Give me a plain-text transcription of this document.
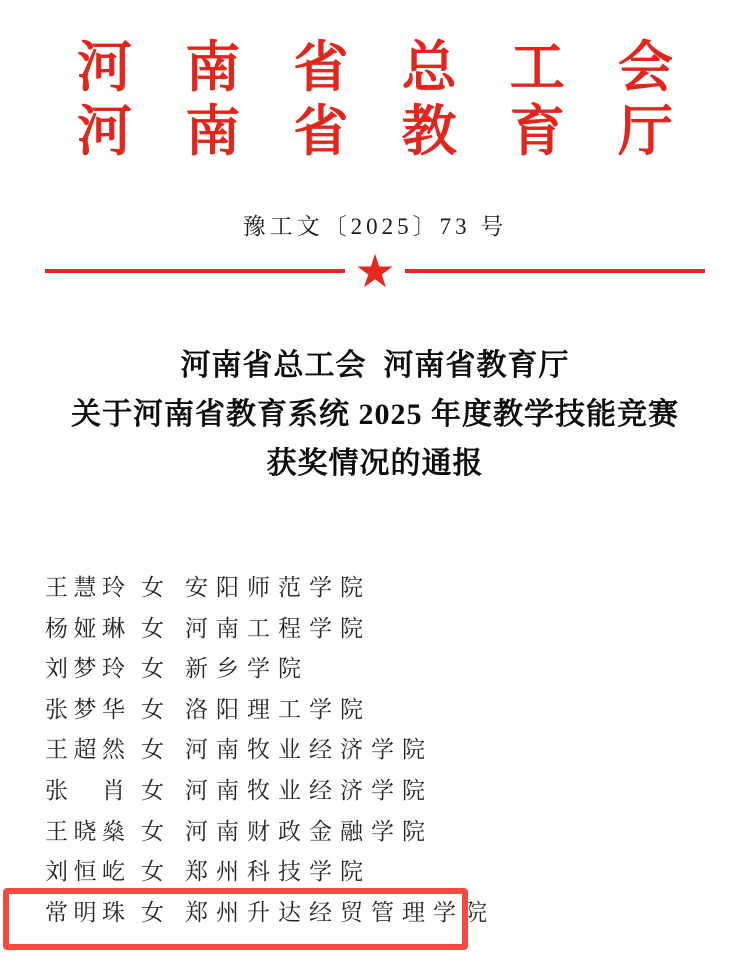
河南省总工会
河南省教育厅
豫工文〔2025〕73 号
★
河南省总工会  河南省教育厅
关于河南省教育系统 2025 年度教学技能竞赛
获奖情况的通报
王慧玲 女 安阳师范学院
杨娅琳 女 河南工程学院
刘梦玲 女 新乡学院
张梦华 女 洛阳理工学院
王超然 女 河南牧业经济学院
张肖 女 河南牧业经济学院
王晓燊 女 河南财政金融学院
刘恒屹 女 郑州科技学院
常明珠 女 郑州升达经贸管理学院
